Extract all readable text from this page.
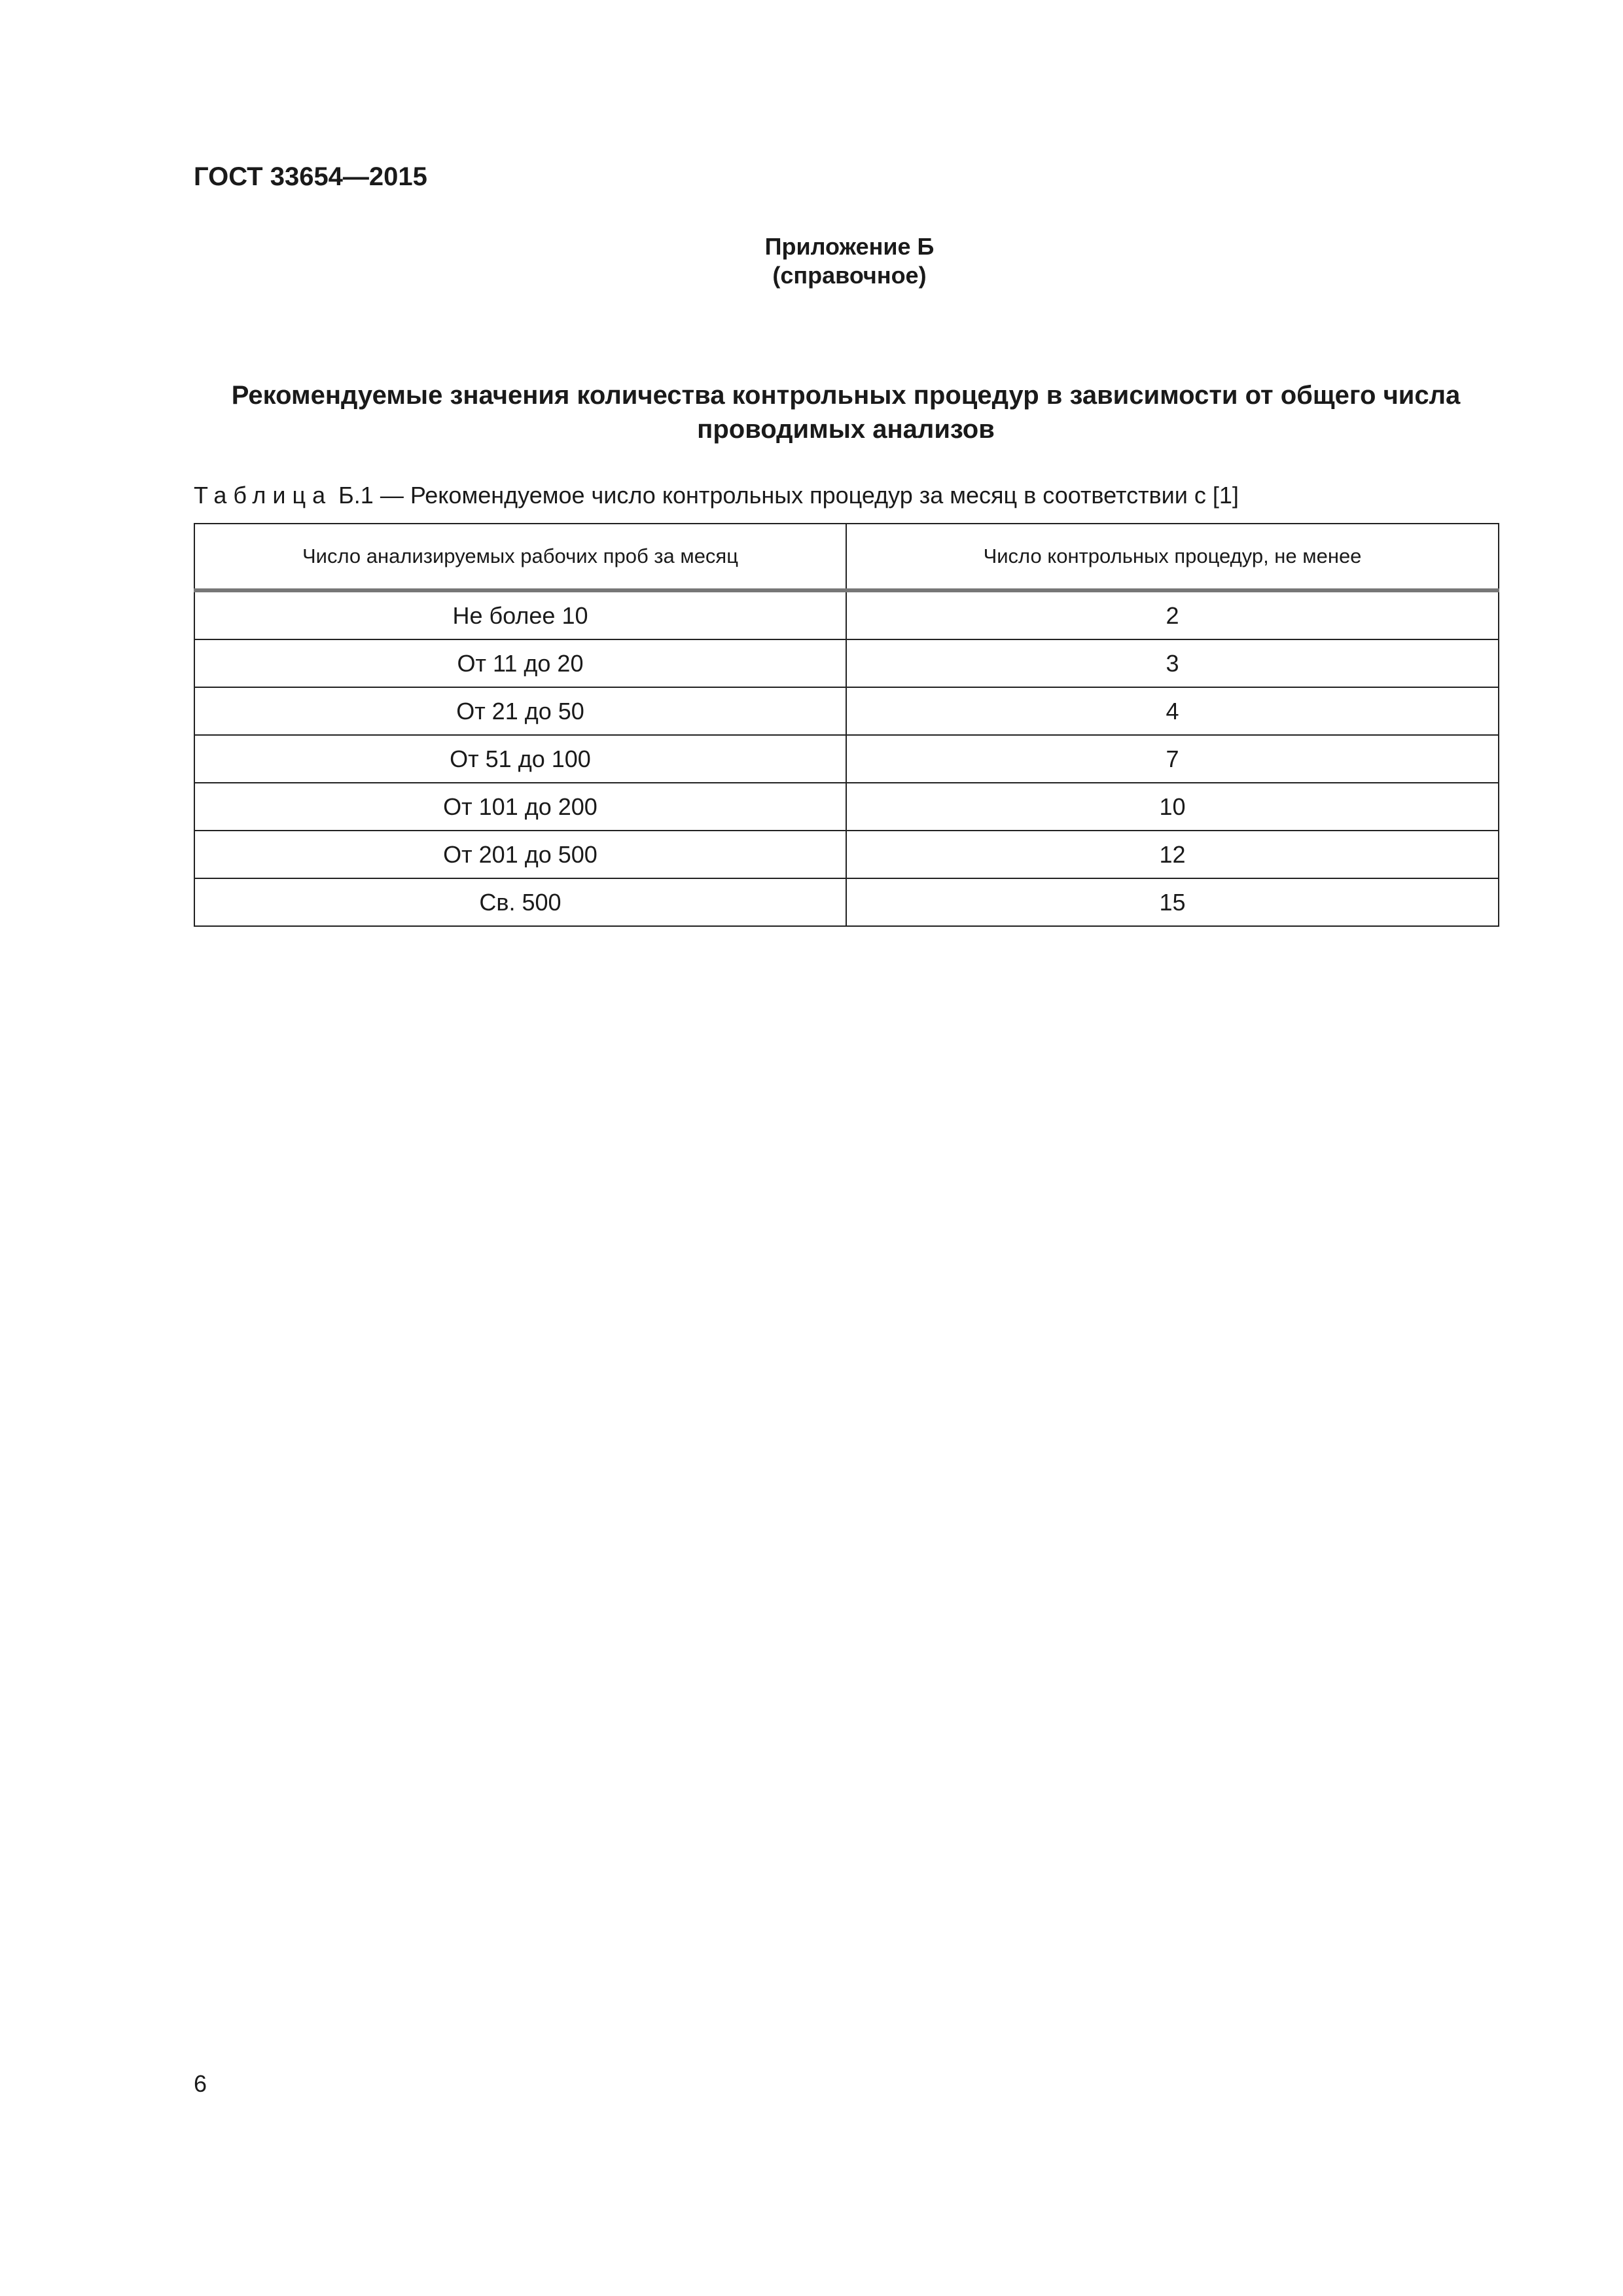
ГОСТ 33654—2015
Приложение Б
(справочное)
Рекомендуемые значения количества контрольных процедур в зависимости от общего числа проводимых анализов
Таблица Б.1 — Рекомендуемое число контрольных процедур за месяц в соответствии с [1]
Число анализируемых рабочих проб за месяц	Число контрольных процедур, не менее
Не более 10	2
От 11 до 20	3
От 21 до 50	4
От 51 до 100	7
От 101 до 200	10
От 201 до 500	12
Св. 500	15
6
